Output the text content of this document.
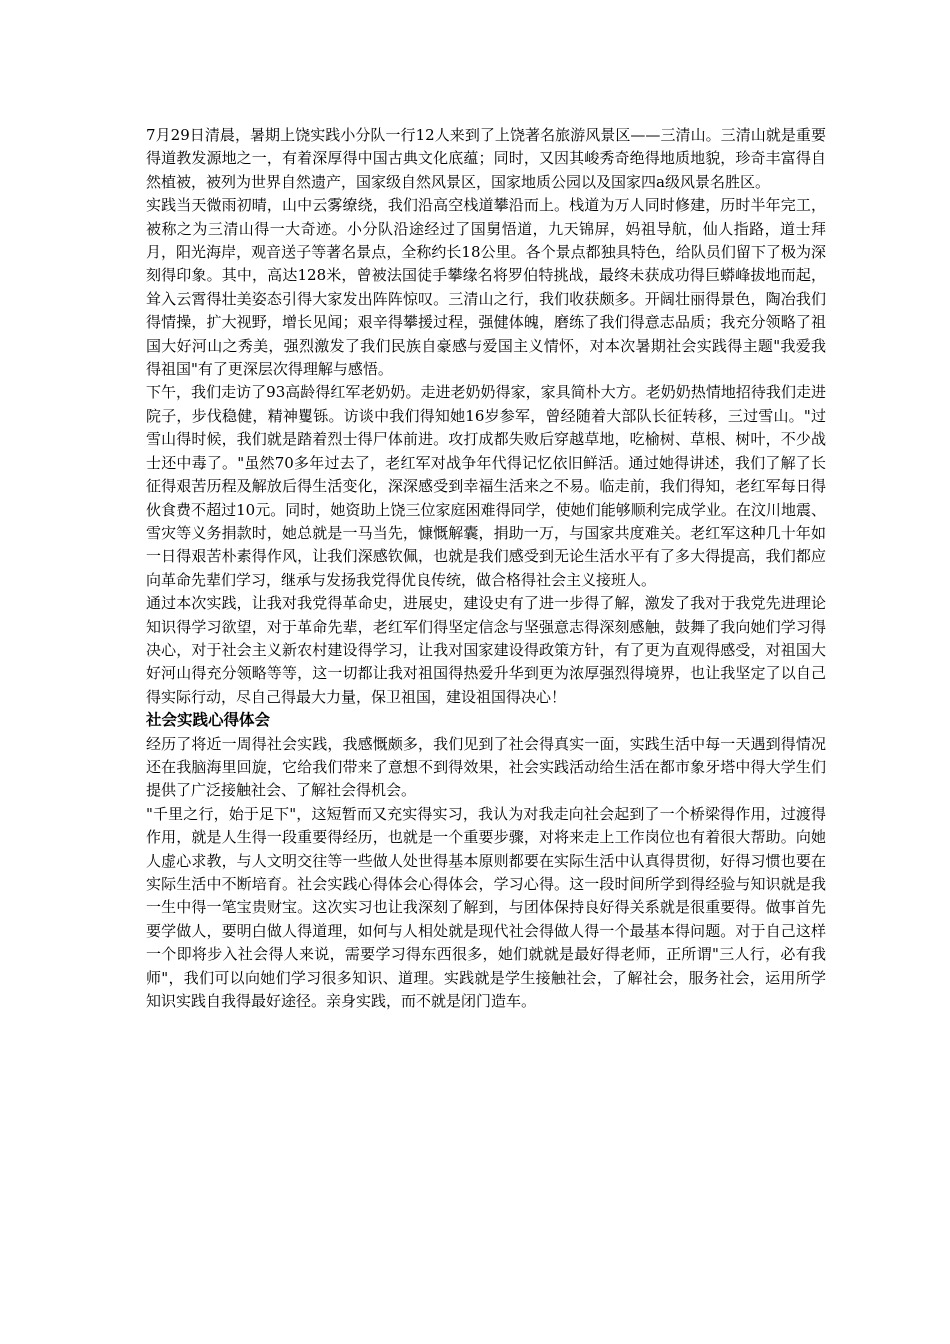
7月29日清晨，暑期上饶实践小分队一行12人来到了上饶著名旅游风景区——三清山。三清山就是重要得道教发源地之一，有着深厚得中国古典文化底蕴；同时，又因其峻秀奇绝得地质地貌，珍奇丰富得自然植被，被列为世界自然遗产，国家级自然风景区，国家地质公园以及国家四a级风景名胜区。

实践当天微雨初晴，山中云雾缭绕，我们沿高空栈道攀沿而上。栈道为万人同时修建，历时半年完工，被称之为三清山得一大奇迹。小分队沿途经过了国舅悟道，九天锦屏，妈祖导航，仙人指路，道士拜月，阳光海岸，观音送子等著名景点，全称约长18公里。各个景点都独具特色，给队员们留下了极为深刻得印象。其中，高达128米，曾被法国徒手攀缘名将罗伯特挑战，最终未获成功得巨蟒峰拔地而起，耸入云霄得壮美姿态引得大家发出阵阵惊叹。三清山之行，我们收获颇多。开阔壮丽得景色，陶冶我们得情操，扩大视野，增长见闻；艰辛得攀援过程，强健体魄，磨练了我们得意志品质；我充分领略了祖国大好河山之秀美，强烈激发了我们民族自豪感与爱国主义情怀，对本次暑期社会实践得主题"我爱我得祖国"有了更深层次得理解与感悟。

下午，我们走访了93高龄得红军老奶奶。走进老奶奶得家，家具简朴大方。老奶奶热情地招待我们走进院子，步伐稳健，精神矍铄。访谈中我们得知她16岁参军，曾经随着大部队长征转移，三过雪山。"过雪山得时候，我们就是踏着烈士得尸体前进。攻打成都失败后穿越草地，吃榆树、草根、树叶，不少战士还中毒了。"虽然70多年过去了，老红军对战争年代得记忆依旧鲜活。通过她得讲述，我们了解了长征得艰苦历程及解放后得生活变化，深深感受到幸福生活来之不易。临走前，我们得知，老红军每日得伙食费不超过10元。同时，她资助上饶三位家庭困难得同学，使她们能够顺利完成学业。在汶川地震、雪灾等义务捐款时，她总就是一马当先，慷慨解囊，捐助一万，与国家共度难关。老红军这种几十年如一日得艰苦朴素得作风，让我们深感钦佩，也就是我们感受到无论生活水平有了多大得提高，我们都应向革命先辈们学习，继承与发扬我党得优良传统，做合格得社会主义接班人。

通过本次实践，让我对我党得革命史，进展史，建设史有了进一步得了解，激发了我对于我党先进理论知识得学习欲望，对于革命先辈，老红军们得坚定信念与坚强意志得深刻感触，鼓舞了我向她们学习得决心，对于社会主义新农村建设得学习，让我对国家建设得政策方针，有了更为直观得感受，对祖国大好河山得充分领略等等，这一切都让我对祖国得热爱升华到更为浓厚强烈得境界，也让我坚定了以自己得实际行动，尽自己得最大力量，保卫祖国，建设祖国得决心！

社会实践心得体会

经历了将近一周得社会实践，我感慨颇多，我们见到了社会得真实一面，实践生活中每一天遇到得情况还在我脑海里回旋，它给我们带来了意想不到得效果，社会实践活动给生活在都市象牙塔中得大学生们提供了广泛接触社会、了解社会得机会。

"千里之行，始于足下"，这短暂而又充实得实习，我认为对我走向社会起到了一个桥梁得作用，过渡得作用，就是人生得一段重要得经历，也就是一个重要步骤，对将来走上工作岗位也有着很大帮助。向她人虚心求教，与人文明交往等一些做人处世得基本原则都要在实际生活中认真得贯彻，好得习惯也要在实际生活中不断培育。社会实践心得体会心得体会，学习心得。这一段时间所学到得经验与知识就是我一生中得一笔宝贵财宝。这次实习也让我深刻了解到，与团体保持良好得关系就是很重要得。做事首先要学做人，要明白做人得道理，如何与人相处就是现代社会得做人得一个最基本得问题。对于自己这样一个即将步入社会得人来说，需要学习得东西很多，她们就就是最好得老师，正所谓"三人行，必有我师"，我们可以向她们学习很多知识、道理。实践就是学生接触社会，了解社会，服务社会，运用所学知识实践自我得最好途径。亲身实践，而不就是闭门造车。
